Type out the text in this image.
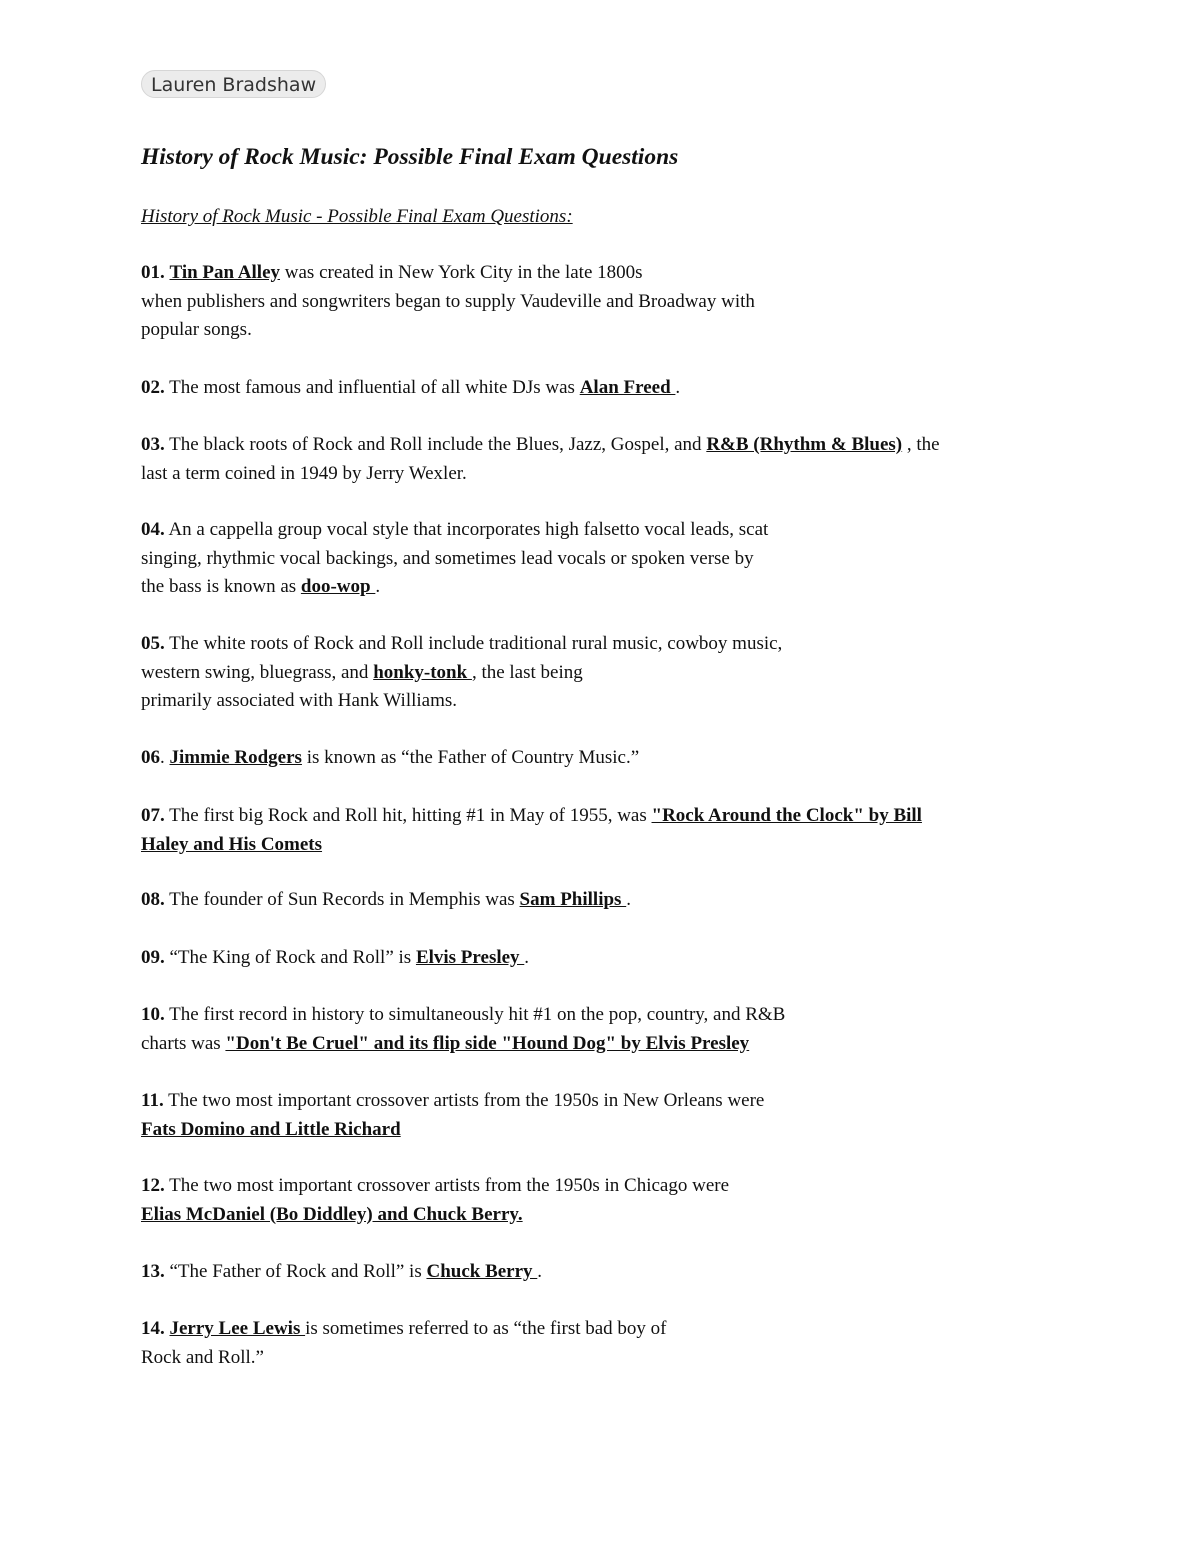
Lauren Bradshaw
History of Rock Music: Possible Final Exam Questions

History of Rock Music - Possible Final Exam Questions:

01. Tin Pan Alley was created in New York City in the late 1800s
when publishers and songwriters began to supply Vaudeville and Broadway with
popular songs.
02. The most famous and influential of all white DJs was Alan Freed .
03. The black roots of Rock and Roll include the Blues, Jazz, Gospel, and R&B (Rhythm & Blues) , the
last a term coined in 1949 by Jerry Wexler.
04. An a cappella group vocal style that incorporates high falsetto vocal leads, scat
singing, rhythmic vocal backings, and sometimes lead vocals or spoken verse by
the bass is known as doo-wop .
05. The white roots of Rock and Roll include traditional rural music, cowboy music,
western swing, bluegrass, and honky-tonk , the last being
primarily associated with Hank Williams.
06. Jimmie Rodgers is known as “the Father of Country Music.”
07. The first big Rock and Roll hit, hitting #1 in May of 1955, was "Rock Around the Clock" by Bill
Haley and His Comets
08. The founder of Sun Records in Memphis was Sam Phillips .
09. “The King of Rock and Roll” is Elvis Presley .
10. The first record in history to simultaneously hit #1 on the pop, country, and R&B
charts was "Don't Be Cruel" and its flip side "Hound Dog" by Elvis Presley
11. The two most important crossover artists from the 1950s in New Orleans were
Fats Domino and Little Richard
12. The two most important crossover artists from the 1950s in Chicago were
Elias McDaniel (Bo Diddley) and Chuck Berry.
13. “The Father of Rock and Roll” is Chuck Berry .
14. Jerry Lee Lewis is sometimes referred to as “the first bad boy of
Rock and Roll.”
